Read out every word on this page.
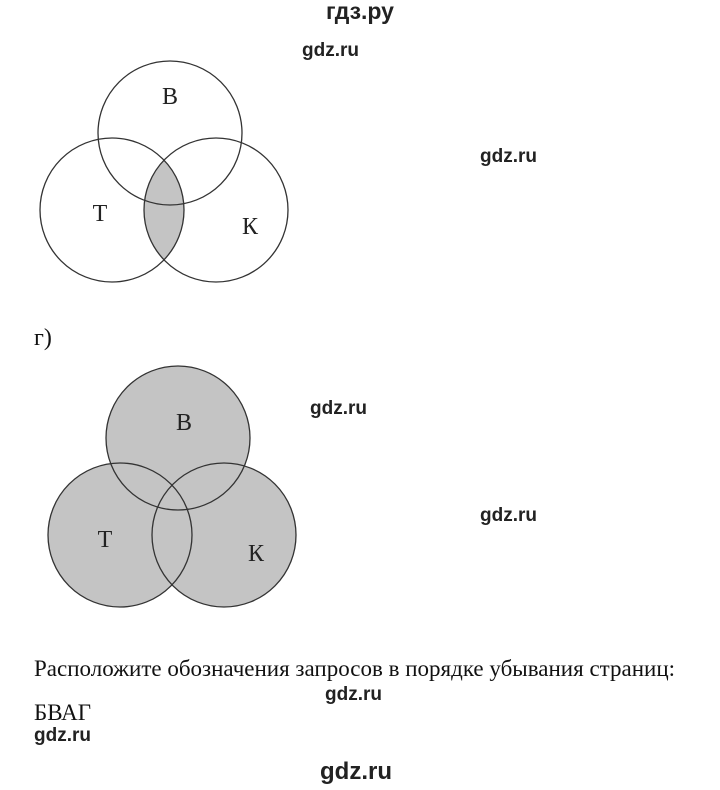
гдз.ру
В
Т	К
gdz.ru
gdz.ru
г)
В
Т
К
gdz.ru
gdz.ru
Расположите обозначения запросов в порядке убывания страниц:
gdz.ru
БВАГ
gdz.ru
gdz.ru
